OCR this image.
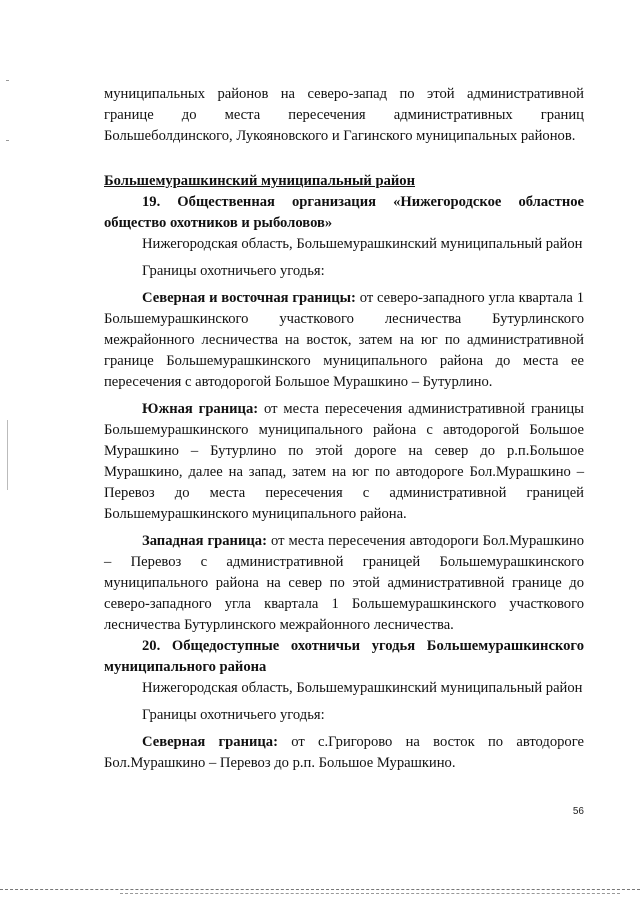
муниципальных районов на северо-запад по этой административной границе до места пересечения административных границ Большеболдинского, Лукояновского и Гагинского муниципальных районов.

Большемурашкинский муниципальный район

19. Общественная организация «Нижегородское областное общество охотников и рыболовов»

Нижегородская область, Большемурашкинский муниципальный район

Границы охотничьего угодья:

Северная и восточная границы: от северо-западного угла квартала 1 Большемурашкинского участкового лесничества Бутурлинского межрайонного лесничества на восток, затем на юг по административной границе Большемурашкинского муниципального района до места ее пересечения с автодорогой Большое Мурашкино – Бутурлино.

Южная граница: от места пересечения административной границы Большемурашкинского муниципального района с автодорогой Большое Мурашкино – Бутурлино по этой дороге на север до р.п.Большое Мурашкино, далее на запад, затем на юг по автодороге Бол.Мурашкино – Перевоз до места пересечения с административной границей Большемурашкинского муниципального района.

Западная граница: от места пересечения автодороги Бол.Мурашкино – Перевоз с административной границей Большемурашкинского муниципального района на север по этой административной границе до северо-западного угла квартала 1 Большемурашкинского участкового лесничества Бутурлинского межрайонного лесничества.

20. Общедоступные охотничьи угодья Большемурашкинского муниципального района

Нижегородская область, Большемурашкинский муниципальный район

Границы охотничьего угодья:

Северная граница: от с.Григорово на восток по автодороге Бол.Мурашкино – Перевоз до р.п. Большое Мурашкино.

56
